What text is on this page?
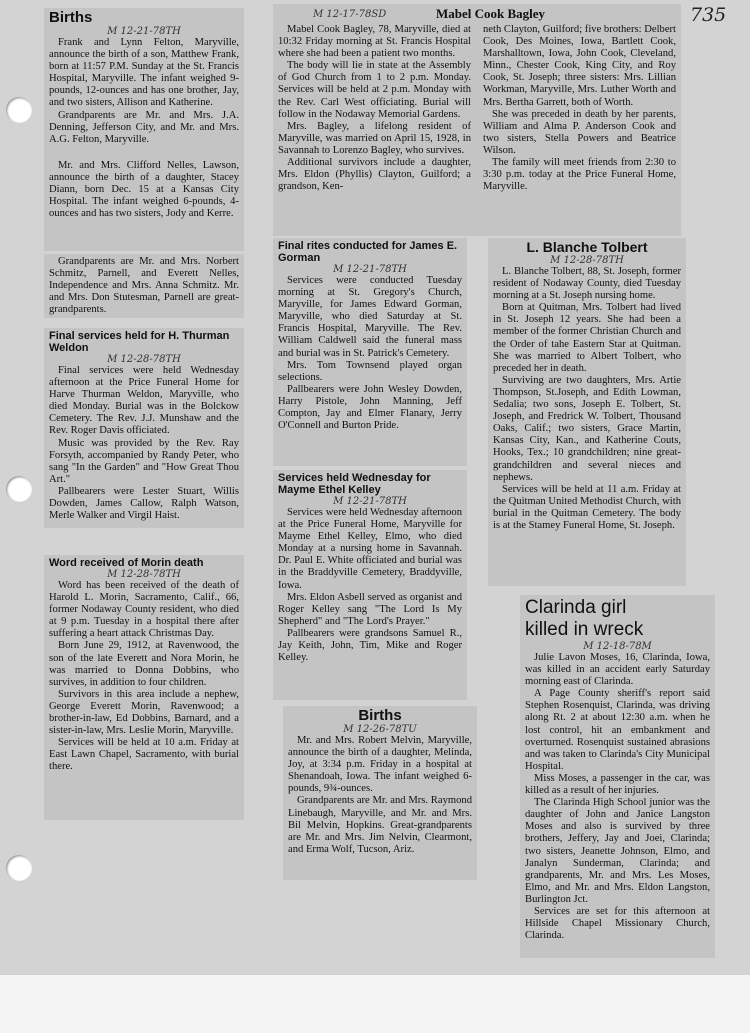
735
Births
M 12-21-78TH

Frank and Lynn Felton, Maryville, announce the birth of a son, Matthew Frank, born at 11:57 P.M. Sunday at the St. Francis Hospital, Maryville. The infant weighed 9-pounds, 12-ounces and has one brother, Jay, and two sisters, Allison and Katherine.

Grandparents are Mr. and Mrs. J.A. Denning, Jefferson City, and Mr. and Mrs. A.G. Felton, Maryville.

Mr. and Mrs. Clifford Nelles, Lawson, announce the birth of a daughter, Stacey Diann, born Dec. 15 at a Kansas City Hospital. The infant weighed 6-pounds, 4-ounces and has two sisters, Jody and Kerre.

Grandparents are Mr. and Mrs. Norbert Schmitz, Parnell, and Everett Nelles, Independence and Mrs. Anna Schmitz. Mr. and Mrs. Don Stutesman, Parnell are great-grandparents.

Final services held for H. Thurman Weldon
M 12-28-78TH

Final services were held Wednesday afternoon at the Price Funeral Home for Harve Thurman Weldon, Maryville, who died Monday. Burial was in the Bolckow Cemetery. The Rev. J.J. Munshaw and the Rev. Roger Davis officiated.

Music was provided by the Rev. Ray Forsyth, accompanied by Randy Peter, who sang "In the Garden" and "How Great Thou Art."

Pallbearers were Lester Stuart, Willis Dowden, James Callow, Ralph Watson, Merle Walker and Virgil Haist.

Word received of Morin death
M 12-28-78TH

Word has been received of the death of Harold L. Morin, Sacramento, Calif., 66, former Nodaway County resident, who died at 9 p.m. Tuesday in a hospital there after suffering a heart attack Christmas Day.

Born June 29, 1912, at Ravenwood, the son of the late Everett and Nora Morin, he was married to Donna Dobbins, who survives, in addition to four children.

Survivors in this area include a nephew, George Everett Morin, Ravenwood; a brother-in-law, Ed Dobbins, Barnard, and a sister-in-law, Mrs. Leslie Morin, Maryville.

Services will be held at 10 a.m. Friday at East Lawn Chapel, Sacramento, with burial there.

M 12-17-78SD	Mabel Cook Bagley

Mabel Cook Bagley, 78, Maryville, died at 10:32 Friday morning at St. Francis Hospital where she had been a patient two months.

The body will lie in state at the Assembly of God Church from 1 to 2 p.m. Monday. Services will be held at 2 p.m. Monday with the Rev. Carl West officiating. Burial will follow in the Nodaway Memorial Gardens.

Mrs. Bagley, a lifelong resident of Maryville, was married on April 15, 1928, in Savannah to Lorenzo Bagley, who survives.

Additional survivors include a daughter, Mrs. Eldon (Phyllis) Clayton, Guilford; a grandson, Ken-

neth Clayton, Guilford; five brothers: Delbert Cook, Des Moines, Iowa, Bartlett Cook, Marshalltown, Iowa, John Cook, Cleveland, Minn., Chester Cook, King City, and Roy Cook, St. Joseph; three sisters: Mrs. Lillian Workman, Maryville, Mrs. Luther Worth and Mrs. Bertha Garrett, both of Worth.

She was preceded in death by her parents, William and Alma P. Anderson Cook and two sisters, Stella Powers and Beatrice Wilson.

The family will meet friends from 2:30 to 3:30 p.m. today at the Price Funeral Home, Maryville.

Final rites conducted for James E. Gorman
M 12-21-78TH

Services were conducted Tuesday morning at St. Gregory's Church, Maryville, for James Edward Gorman, Maryville, who died Saturday at St. Francis Hospital, Maryville. The Rev. William Caldwell said the funeral mass and burial was in St. Patrick's Cemetery.

Mrs. Tom Townsend played organ selections.

Pallbearers were John Wesley Dowden, Harry Pistole, John Manning, Jeff Compton, Jay and Elmer Flanary, Jerry O'Connell and Burton Pride.

Services held Wednesday for Mayme Ethel Kelley
M 12-21-78TH

Services were held Wednesday afternoon at the Price Funeral Home, Maryville for Mayme Ethel Kelley, Elmo, who died Monday at a nursing home in Savannah. Dr. Paul E. White officiated and burial was in the Braddyville Cemetery, Braddyville, Iowa.

Mrs. Eldon Asbell served as organist and Roger Kelley sang "The Lord Is My Shepherd" and "The Lord's Prayer."

Pallbearers were grandsons Samuel R., Jay Keith, John, Tim, Mike and Roger Kelley.

Births
M 12-26-78TU

Mr. and Mrs. Robert Melvin, Maryville, announce the birth of a daughter, Melinda, Joy, at 3:34 p.m. Friday in a hospital at Shenandoah, Iowa. The infant weighed 6-pounds, 9¾-ounces.

Grandparents are Mr. and Mrs. Raymond Linebaugh, Maryville, and Mr. and Mrs. Bil Melvin, Hopkins. Great-grandparents are Mr. and Mrs. Jim Nelvin, Clearmont, and Erma Wolf, Tucson, Ariz.

L. Blanche Tolbert
M 12-28-78TH

L. Blanche Tolbert, 88, St. Joseph, former resident of Nodaway County, died Tuesday morning at a St. Joseph nursing home.

Born at Quitman, Mrs. Tolbert had lived in St. Joseph 12 years. She had been a member of the former Christian Church and the Order of tahe Eastern Star at Quitman. She was married to Albert Tolbert, who preceded her in death.

Surviving are two daughters, Mrs. Artie Thompson, St.Joseph, and Edith Lowman, Sedalia; two sons, Joseph E. Tolbert, St. Joseph, and Fredrick W. Tolbert, Thousand Oaks, Calif.; two sisters, Grace Martin, Kansas City, Kan., and Katherine Couts, Hooks, Tex.; 10 grandchildren; nine great-grandchildren and several nieces and nephews.

Services will be held at 11 a.m. Friday at the Quitman United Methodist Church, with burial in the Quitman Cemetery. The body is at the Stamey Funeral Home, St. Joseph.

Clarinda girl
killed in wreck
M 12-18-78M

Julie Lavon Moses, 16, Clarinda, Iowa, was killed in an accident early Saturday morning east of Clarinda.

A Page County sheriff's report said Stephen Rosenquist, Clarinda, was driving along Rt. 2 at about 12:30 a.m. when he lost control, hit an embankment and overturned. Rosenquist sustained abrasions and was taken to Clarinda's City Municipal Hospital.

Miss Moses, a passenger in the car, was killed as a result of her injuries.

The Clarinda High School junior was the daughter of John and Janice Langston Moses and also is survived by three brothers, Jeffery, Jay and Joei, Clarinda; two sisters, Jeanette Johnson, Elmo, and Janalyn Sunderman, Clarinda; and grandparents, Mr. and Mrs. Les Moses, Elmo, and Mr. and Mrs. Eldon Langston, Burlington Jct.

Services are set for this afternoon at Hillside Chapel Missionary Church, Clarinda.
